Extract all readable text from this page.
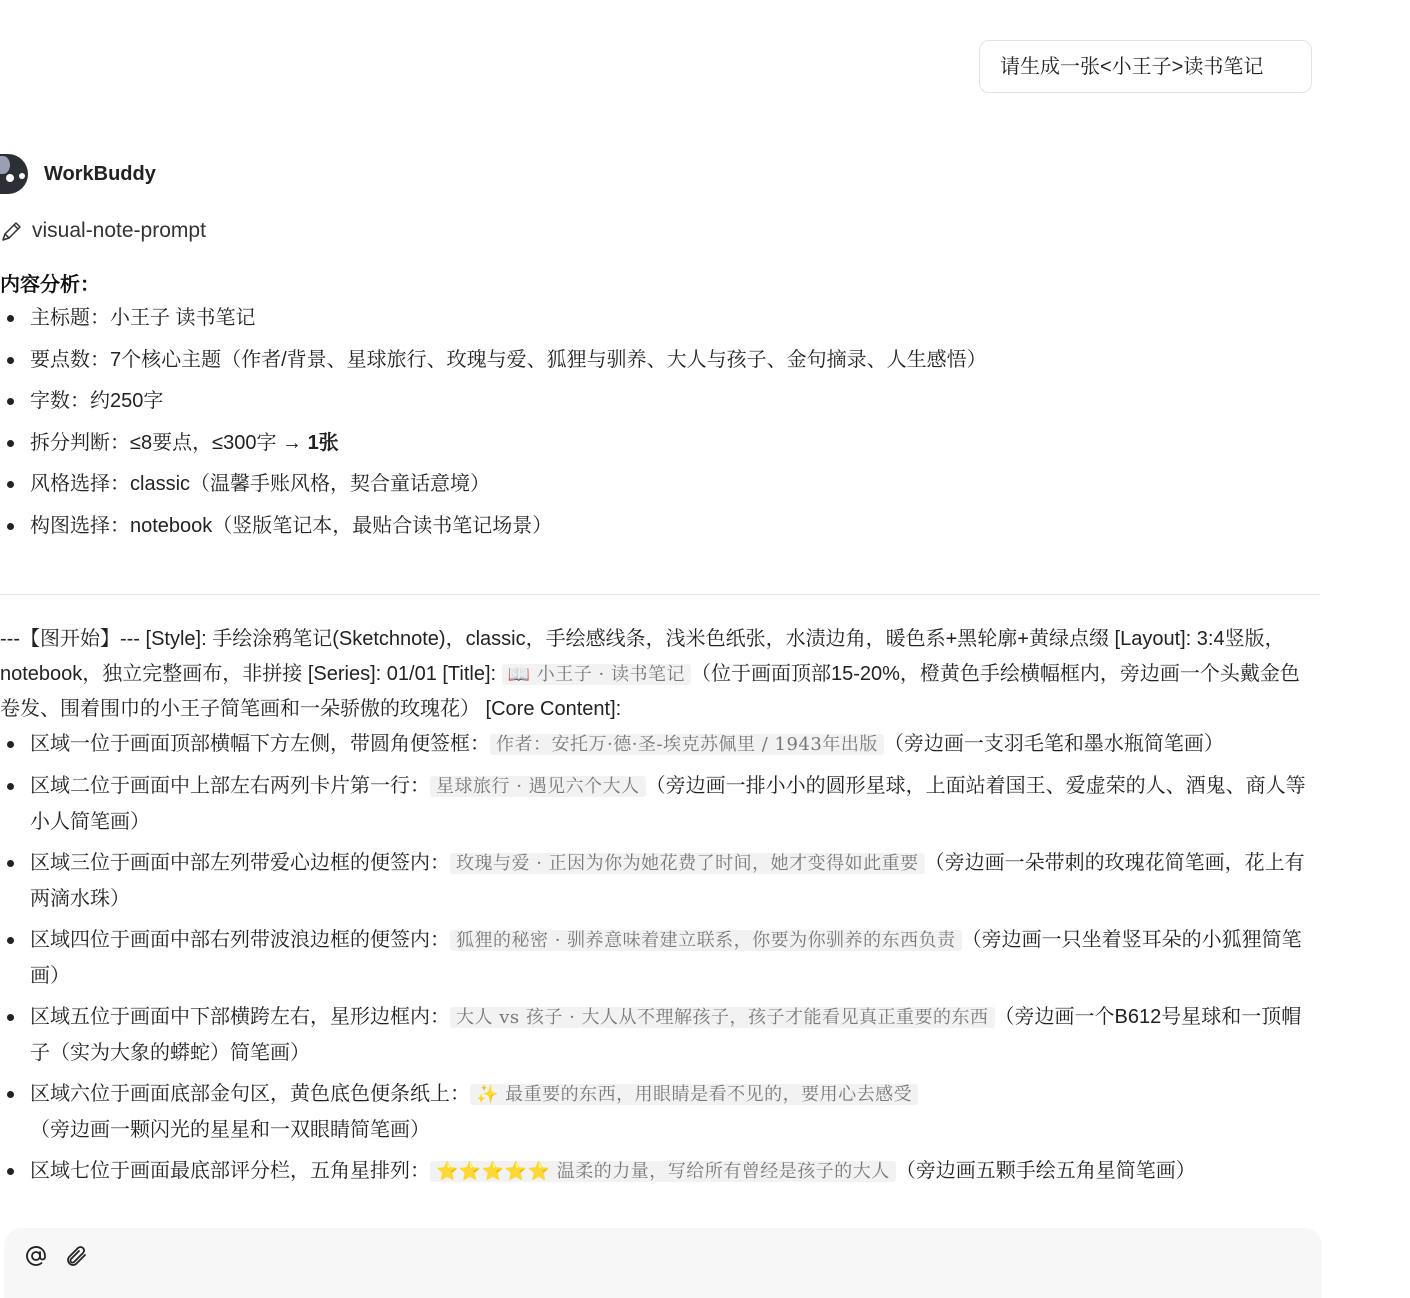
请生成一张<小王子>读书笔记
WorkBuddy
visual-note-prompt
内容分析：
主标题：小王子 读书笔记
要点数：7个核心主题（作者/背景、星球旅行、玫瑰与爱、狐狸与驯养、大人与孩子、金句摘录、人生感悟）
字数：约250字
拆分判断：≤8要点，≤300字 → 1张
风格选择：classic（温馨手账风格，契合童话意境）
构图选择：notebook（竖版笔记本，最贴合读书笔记场景）

---【图开始】--- [Style]: 手绘涂鸦笔记(Sketchnote)，classic，手绘感线条，浅米色纸张，水渍边角，暖色系+黑轮廓+黄绿点缀 [Layout]: 3:4竖版，notebook，独立完整画布，非拼接 [Series]: 01/01 [Title]: 📖 小王子 · 读书笔记 （位于画面顶部15-20%，橙黄色手绘横幅框内，旁边画一个头戴金色卷发、围着围巾的小王子简笔画和一朵骄傲的玫瑰花） [Core Content]:

区域一位于画面顶部横幅下方左侧，带圆角便签框： 作者：安托万·德·圣-埃克苏佩里 / 1943年出版 （旁边画一支羽毛笔和墨水瓶简笔画）
区域二位于画面中上部左右两列卡片第一行： 星球旅行 · 遇见六个大人 （旁边画一排小小的圆形星球，上面站着国王、爱虚荣的人、酒鬼、商人等小人简笔画）
区域三位于画面中部左列带爱心边框的便签内： 玫瑰与爱 · 正因为你为她花费了时间，她才变得如此重要 （旁边画一朵带刺的玫瑰花简笔画，花上有两滴水珠）
区域四位于画面中部右列带波浪边框的便签内： 狐狸的秘密 · 驯养意味着建立联系，你要为你驯养的东西负责 （旁边画一只坐着竖耳朵的小狐狸简笔画）
区域五位于画面中下部横跨左右，星形边框内： 大人 vs 孩子 · 大人从不理解孩子，孩子才能看见真正重要的东西 （旁边画一个B612号星球和一顶帽子（实为大象的蟒蛇）简笔画）
区域六位于画面底部金句区，黄色底色便条纸上： ✨ 最重要的东西，用眼睛是看不见的，要用心去感受（旁边画一颗闪光的星星和一双眼睛简笔画）
区域七位于画面最底部评分栏，五角星排列： ⭐⭐⭐⭐⭐ 温柔的力量，写给所有曾经是孩子的大人 （旁边画五颗手绘五角星简笔画）
